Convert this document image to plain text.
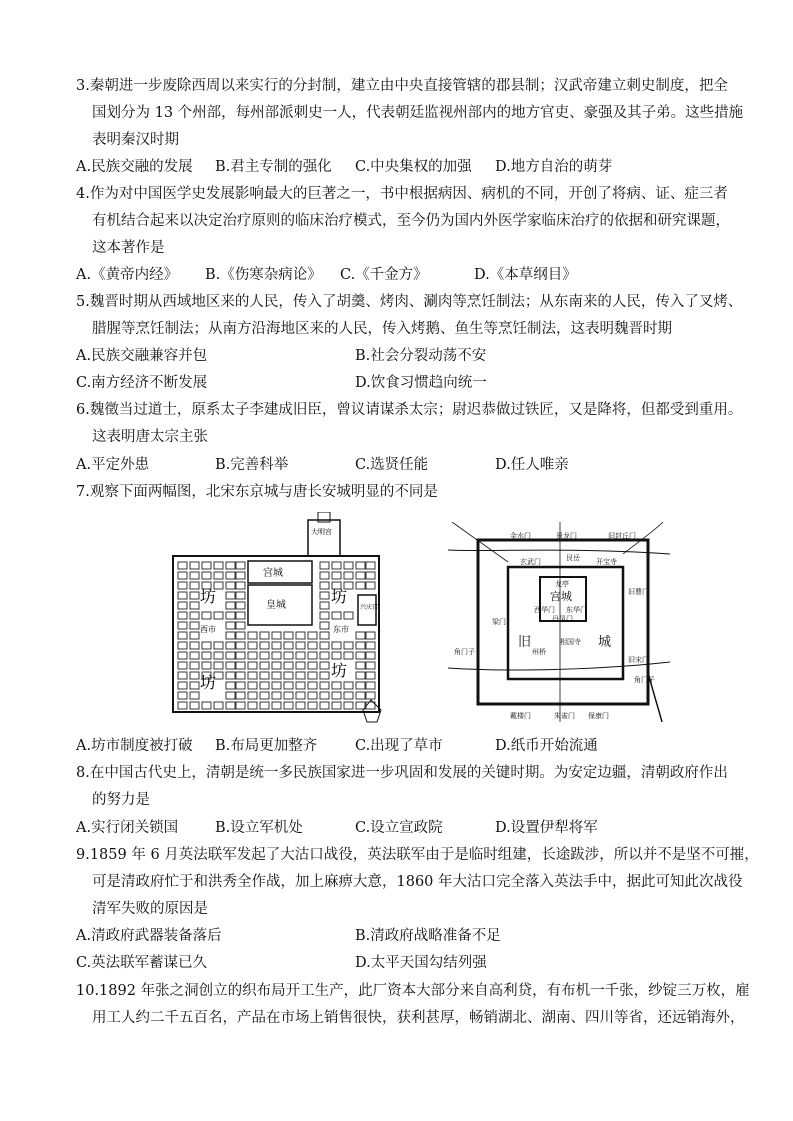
3.秦朝进一步废除西周以来实行的分封制，建立由中央直接管辖的郡县制；汉武帝建立刺史制度，把全
国划分为 13 个州部，每州部派刺史一人，代表朝廷监视州部内的地方官吏、豪强及其子弟。这些措施
表明秦汉时期
A.民族交融的发展 B.君主专制的强化 C.中央集权的加强 D.地方自治的萌芽
4.作为对中国医学史发展影响最大的巨著之一，书中根据病因、病机的不同，开创了将病、证、症三者
有机结合起来以决定治疗原则的临床治疗模式，至今仍为国内外医学家临床治疗的依据和研究课题，
这本著作是
A.《黄帝内经》 B.《伤寒杂病论》 C.《千金方》	D.《本草纲目》
5.魏晋时期从西域地区来的人民，传入了胡羹、烤肉、涮肉等烹饪制法；从东南来的人民，传入了叉烤、
腊腥等烹饪制法；从南方沿海地区来的人民，传入烤鹅、鱼生等烹饪制法，这表明魏晋时期
A.民族交融兼容并包	B.社会分裂动荡不安
C.南方经济不断发展	D.饮食习惯趋向统一
6.魏徵当过道士，原系太子李建成旧臣，曾议请谋杀太宗；尉迟恭做过铁匠，又是降将，但都受到重用。
这表明唐太宗主张
A.平定外患	B.完善科举	C.选贤任能	D.任人唯亲
7.观察下面两幅图，北宋东京城与唐长安城明显的不同是
大明宫
宫城
皇城
坊	坊
坊
坊
西市	东市
兴庆宫
金水门	景龙门	旧封丘门
玄武门	艮岳 开宝寺
龙亭
宫城
西华门 东华门
丹凤门
旧曹门
梁门
旧	城
相国寺
角门子	州桥
旧宋门
角门子
戴楼门	朱雀门 保康门
A.坊市制度被打破 B.布局更加整齐	C.出现了草市	D.纸币开始流通
8.在中国古代史上，清朝是统一多民族国家进一步巩固和发展的关键时期。为安定边疆，清朝政府作出
的努力是
A.实行闭关锁国	B.设立军机处	C.设立宣政院	D.设置伊犁将军
9.1859 年 6 月英法联军发起了大沽口战役，英法联军由于是临时组建，长途跋涉，所以并不是坚不可摧，
可是清政府忙于和洪秀全作战，加上麻痹大意，1860 年大沽口完全落入英法手中，据此可知此次战役
清军失败的原因是
A.清政府武器装备落后	B.清政府战略准备不足
C.英法联军蓄谋已久	D.太平天国勾结列强
10.1892 年张之洞创立的织布局开工生产，此厂资本大部分来自高利贷，有布机一千张，纱锭三万枚，雇
用工人约二千五百名，产品在市场上销售很快，获利甚厚，畅销湖北、湖南、四川等省，还远销海外，
